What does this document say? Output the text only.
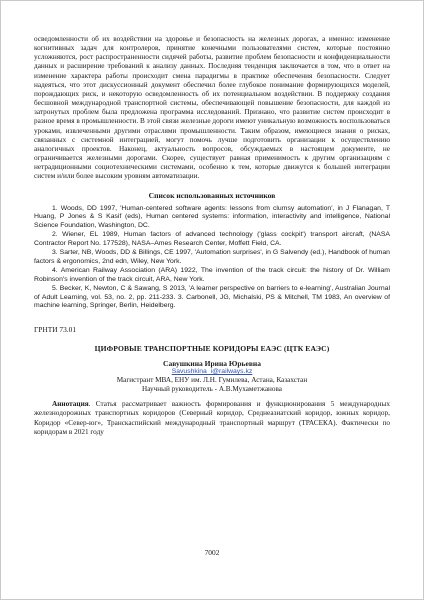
осведомленности об их воздействии на здоровье и безопасность на железных дорогах, а именно: изменение когнитивных задач для контролеров, принятие конечными пользователями систем, которые постоянно усложняются, рост распространенности сидячей работы, развитие проблем безопасности и конфиденциальности данных и расширение требований к анализу данных. Последняя тенденция заключается в том, что в ответ на изменение характера работы происходит смена парадигмы в практике обеспечения безопасности. Следует надеяться, что этот дискуссионный документ обеспечил более глубокое понимание формирующихся моделей, порождающих риск, и некоторую осведомленность об их потенциальном воздействии. В поддержку создания бесшовной международной транспортной системы, обеспечивающей повышение безопасности, для каждой из затронутых проблем была предложена программа исследований. Признано, что развитие систем происходит в разное время в промышленности. В этой связи железные дороги имеют уникальную возможность воспользоваться уроками, извлеченными другими отраслями промышленности. Таким образом, имеющиеся знания о рисках, связанных с системной интеграцией, могут помочь лучше подготовить организации к осуществлению аналогичных проектов. Наконец, актуальность вопросов, обсуждаемых в настоящем документе, не ограничивается железными дорогами. Скорее, существует равная применимость к другим организациям с нетрадиционными социотехническими системами, особенно к тем, которые движутся к большей интеграции систем и/или более высоким уровням автоматизации.

Список использованных источников

1. Woods, DD 1997, 'Human-centered software agents: lessons from clumsy automation', in J Flanagan, T Huang, P Jones & S Kasif (eds), Human centered systems: information, interactivity and intelligence, National Science Foundation, Washington, DC.

2. Wiener, EL 1989, Human factors of advanced technology ('glass cockpit') transport aircraft, (NASA Contractor Report No. 177528), NASA–Ames Research Center, Moffett Field, CA.

3. Sarter, NB, Woods, DD & Billings, CE 1997, 'Automation surprises', in G Salvendy (ed.), Handbook of human factors & ergonomics, 2nd edn, Wiley, New York.

4. American Railway Association (ARA) 1922, The invention of the track circuit: the history of Dr. William Robinson's invention of the track circuit, ARA, New York.

5. Becker, K, Newton, C & Sawang, S 2013, 'A learner perspective on barriers to e-learning', Australian Journal of Adult Learning, vol. 53, no. 2, pp. 211-233. 3. Carbonell, JG, Michalski, PS & Mitchell, TM 1983, An overview of machine learning, Springer, Berlin, Heidelberg.

ГРНТИ 73.01
ЦИФРОВЫЕ ТРАНСПОРТНЫЕ КОРИДОРЫ ЕАЭС (ЦТК ЕАЭС)

Савушкина Ирина Юрьевна

Savushkina_i@railways.kz

Магистрант МВА, ЕНУ им. Л.Н. Гумилева, Астана, Казахстан

Научный руководитель - А.В.Мухаметжанова

Аннотация. Статья рассматривает важность формирования и функционирования 5 международных железнодорожных транспортных коридоров (Северный коридор, Среднеазиатский коридор, южных коридор, Коридор «Север-юг», Транскаспийский международный транспортный маршрут (ТРАСЕКА). Фактически по коридорам в 2021 году

7002
